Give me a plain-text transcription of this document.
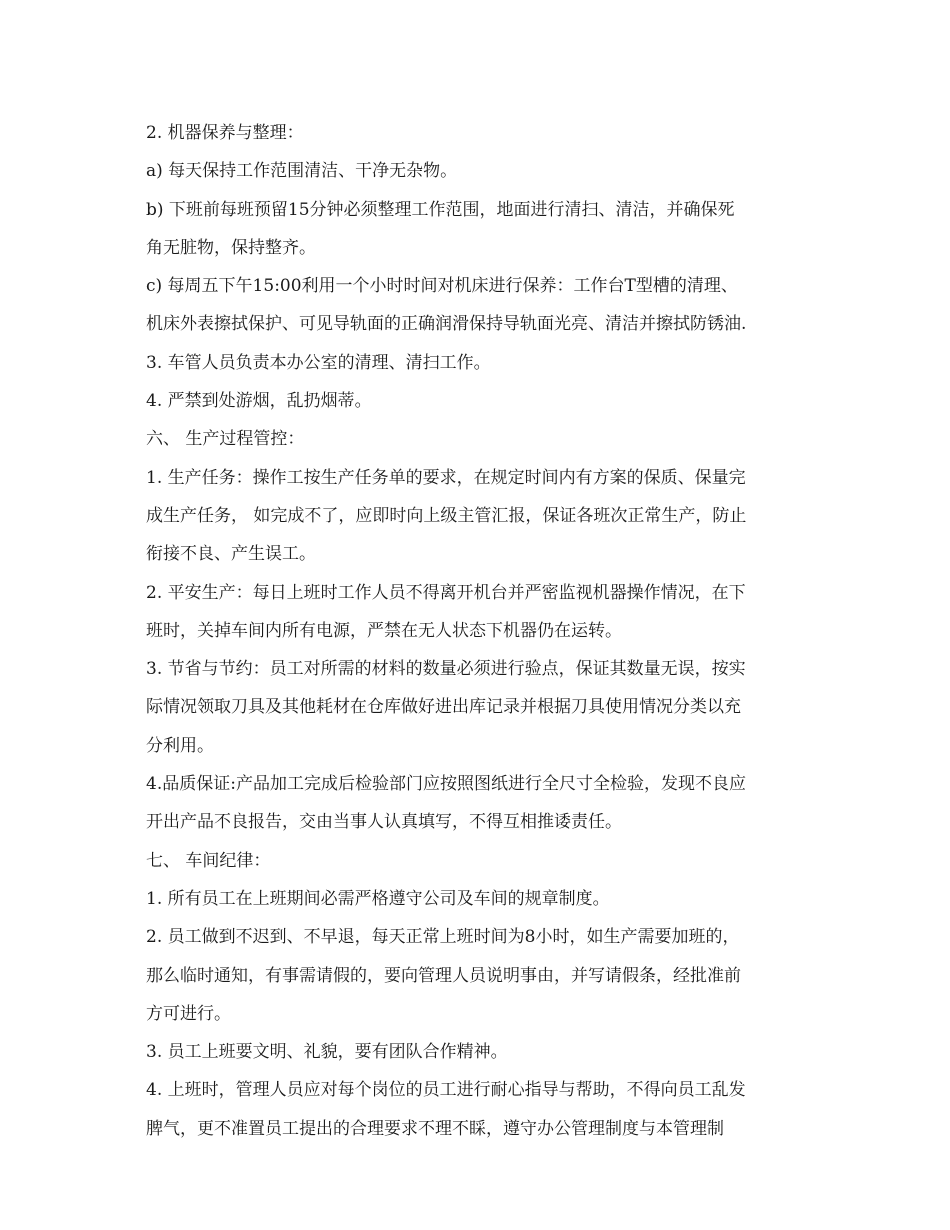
2. 机器保养与整理：

a) 每天保持工作范围清洁、干净无杂物。

b) 下班前每班预留15分钟必须整理工作范围，地面进行清扫、清洁，并确保死

角无脏物，保持整齐。

c) 每周五下午15:00利用一个小时时间对机床进行保养：工作台T型槽的清理、

机床外表擦拭保护、可见导轨面的正确润滑保持导轨面光亮、清洁并擦拭防锈油.

3. 车管人员负责本办公室的清理、清扫工作。

4. 严禁到处游烟，乱扔烟蒂。

六、 生产过程管控：

1. 生产任务：操作工按生产任务单的要求，在规定时间内有方案的保质、保量完

成生产任务， 如完成不了，应即时向上级主管汇报，保证各班次正常生产，防止

衔接不良、产生误工。

2. 平安生产：每日上班时工作人员不得离开机台并严密监视机器操作情况，在下

班时，关掉车间内所有电源，严禁在无人状态下机器仍在运转。

3. 节省与节约：员工对所需的材料的数量必须进行验点，保证其数量无误，按实

际情况领取刀具及其他耗材在仓库做好进出库记录并根据刀具使用情况分类以充

分利用。

4.品质保证:产品加工完成后检验部门应按照图纸进行全尺寸全检验，发现不良应

开出产品不良报告，交由当事人认真填写，不得互相推诿责任。

七、 车间纪律：

1. 所有员工在上班期间必需严格遵守公司及车间的规章制度。

2. 员工做到不迟到、不早退，每天正常上班时间为8小时，如生产需要加班的，

那么临时通知，有事需请假的，要向管理人员说明事由，并写请假条，经批准前

方可进行。

3. 员工上班要文明、礼貌，要有团队合作精神。

4. 上班时，管理人员应对每个岗位的员工进行耐心指导与帮助，不得向员工乱发

脾气，更不准置员工提出的合理要求不理不睬，遵守办公管理制度与本管理制
